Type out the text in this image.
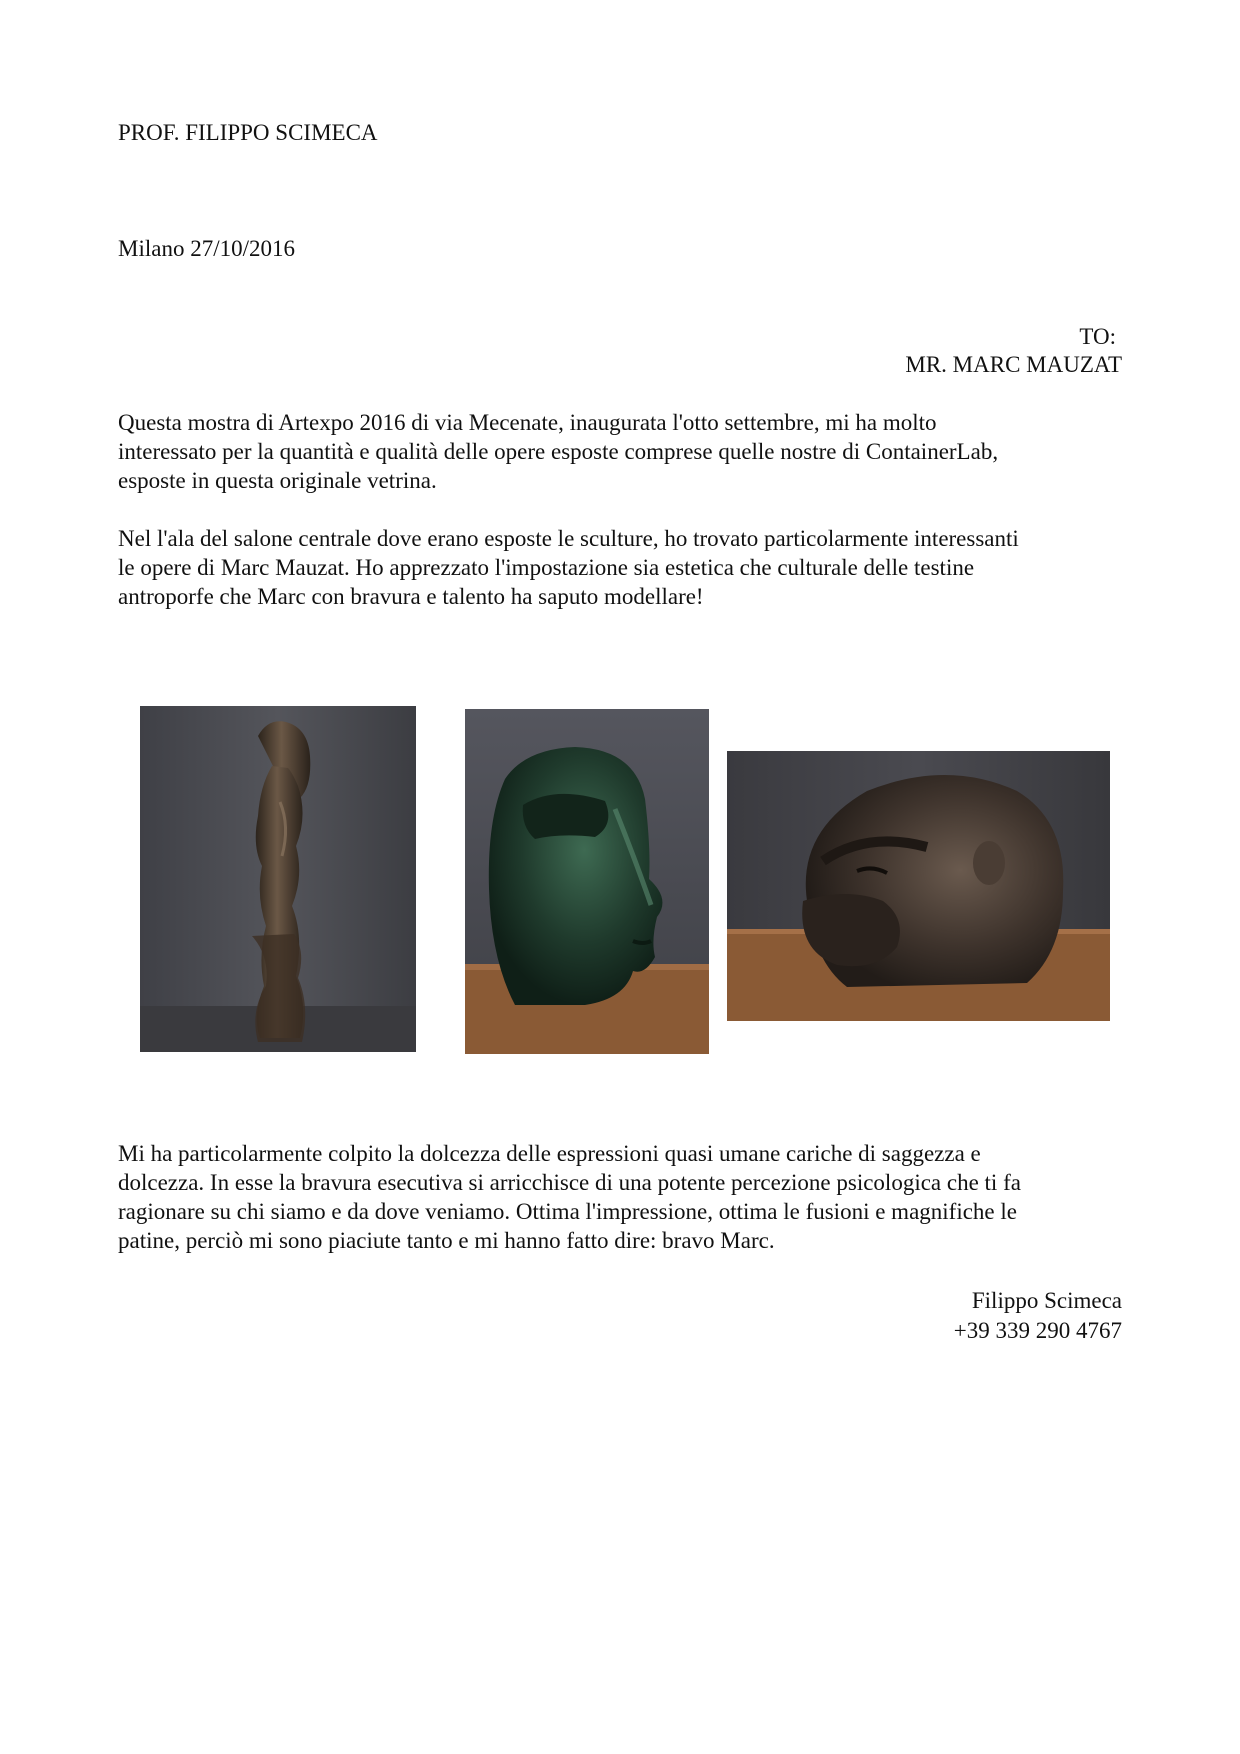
PROF. FILIPPO SCIMECA
Milano 27/10/2016
TO:
MR. MARC MAUZAT
Questa mostra di Artexpo 2016 di via Mecenate, inaugurata l'otto settembre, mi ha molto
interessato per la quantità e qualità delle opere esposte comprese quelle nostre di ContainerLab,
esposte in questa originale vetrina.
Nel l'ala del salone centrale dove erano esposte le sculture, ho trovato particolarmente interessanti
le opere di Marc Mauzat. Ho apprezzato l'impostazione sia estetica che culturale delle testine
antroporfe che Marc con bravura e talento ha saputo modellare!
Mi ha particolarmente colpito la dolcezza delle espressioni quasi umane cariche di saggezza e
dolcezza. In esse la bravura esecutiva si arricchisce di una potente percezione psicologica che ti fa
ragionare su chi siamo e da dove veniamo. Ottima l'impressione, ottima le fusioni e magnifiche le
patine, perciò mi sono piaciute tanto e mi hanno fatto dire: bravo Marc.
Filippo Scimeca
+39 339 290 4767
